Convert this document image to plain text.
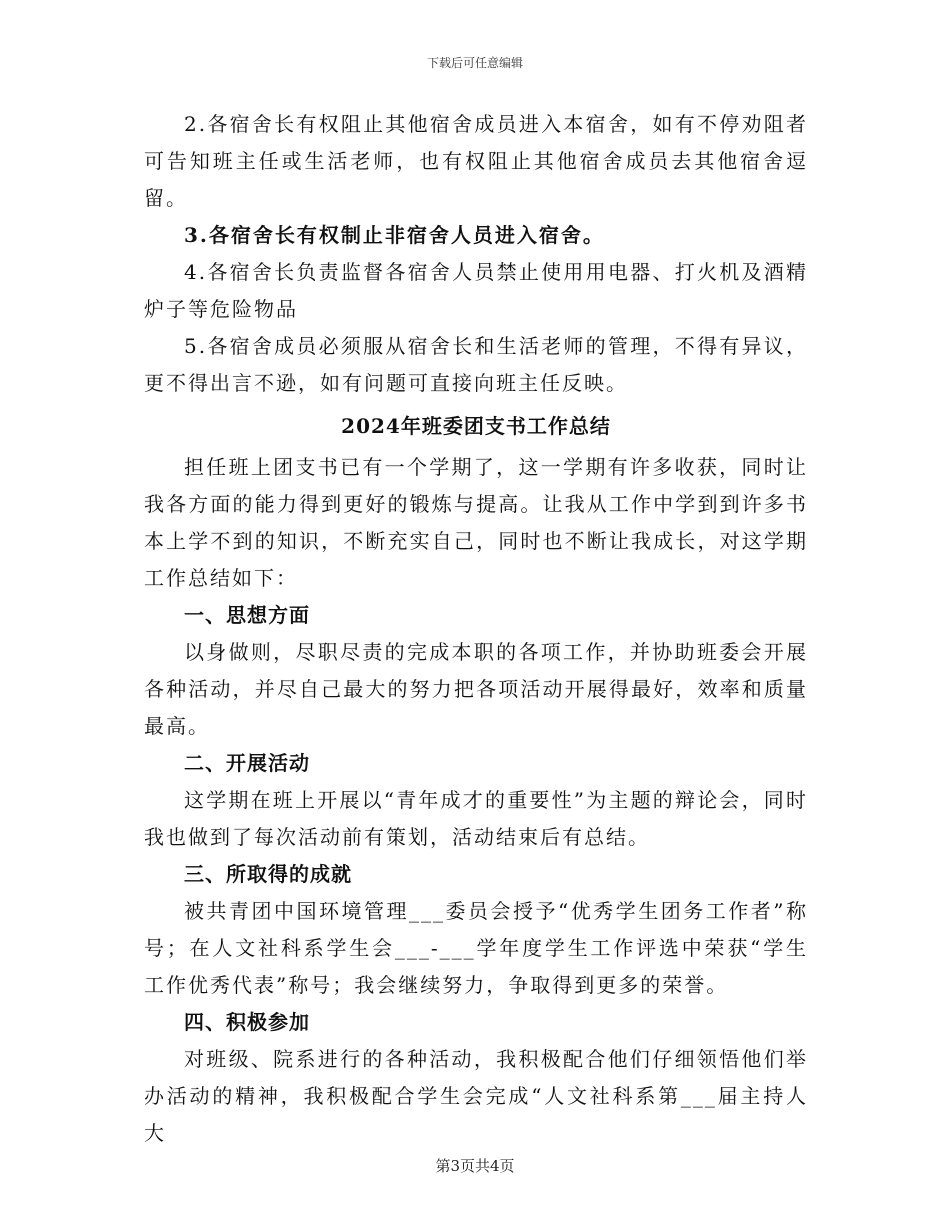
下载后可任意编辑

2.各宿舍长有权阻止其他宿舍成员进入本宿舍，如有不停劝阻者可告知班主任或生活老师，也有权阻止其他宿舍成员去其他宿舍逗留。

3.各宿舍长有权制止非宿舍人员进入宿舍。

4.各宿舍长负责监督各宿舍人员禁止使用用电器、打火机及酒精炉子等危险物品

5.各宿舍成员必须服从宿舍长和生活老师的管理，不得有异议，更不得出言不逊，如有问题可直接向班主任反映。

2024年班委团支书工作总结

担任班上团支书已有一个学期了，这一学期有许多收获，同时让我各方面的能力得到更好的锻炼与提高。让我从工作中学到到许多书本上学不到的知识，不断充实自己，同时也不断让我成长，对这学期工作总结如下：

一、思想方面

以身做则，尽职尽责的完成本职的各项工作，并协助班委会开展各种活动，并尽自己最大的努力把各项活动开展得最好，效率和质量最高。

二、开展活动

这学期在班上开展以“青年成才的重要性”为主题的辩论会，同时我也做到了每次活动前有策划，活动结束后有总结。

三、所取得的成就

被共青团中国环境管理___委员会授予“优秀学生团务工作者”称号；在人文社科系学生会___-___学年度学生工作评选中荣获“学生工作优秀代表”称号；我会继续努力，争取得到更多的荣誉。

四、积极参加

对班级、院系进行的各种活动，我积极配合他们仔细领悟他们举办活动的精神，我积极配合学生会完成“人文社科系第___届主持人大

第3页共4页
